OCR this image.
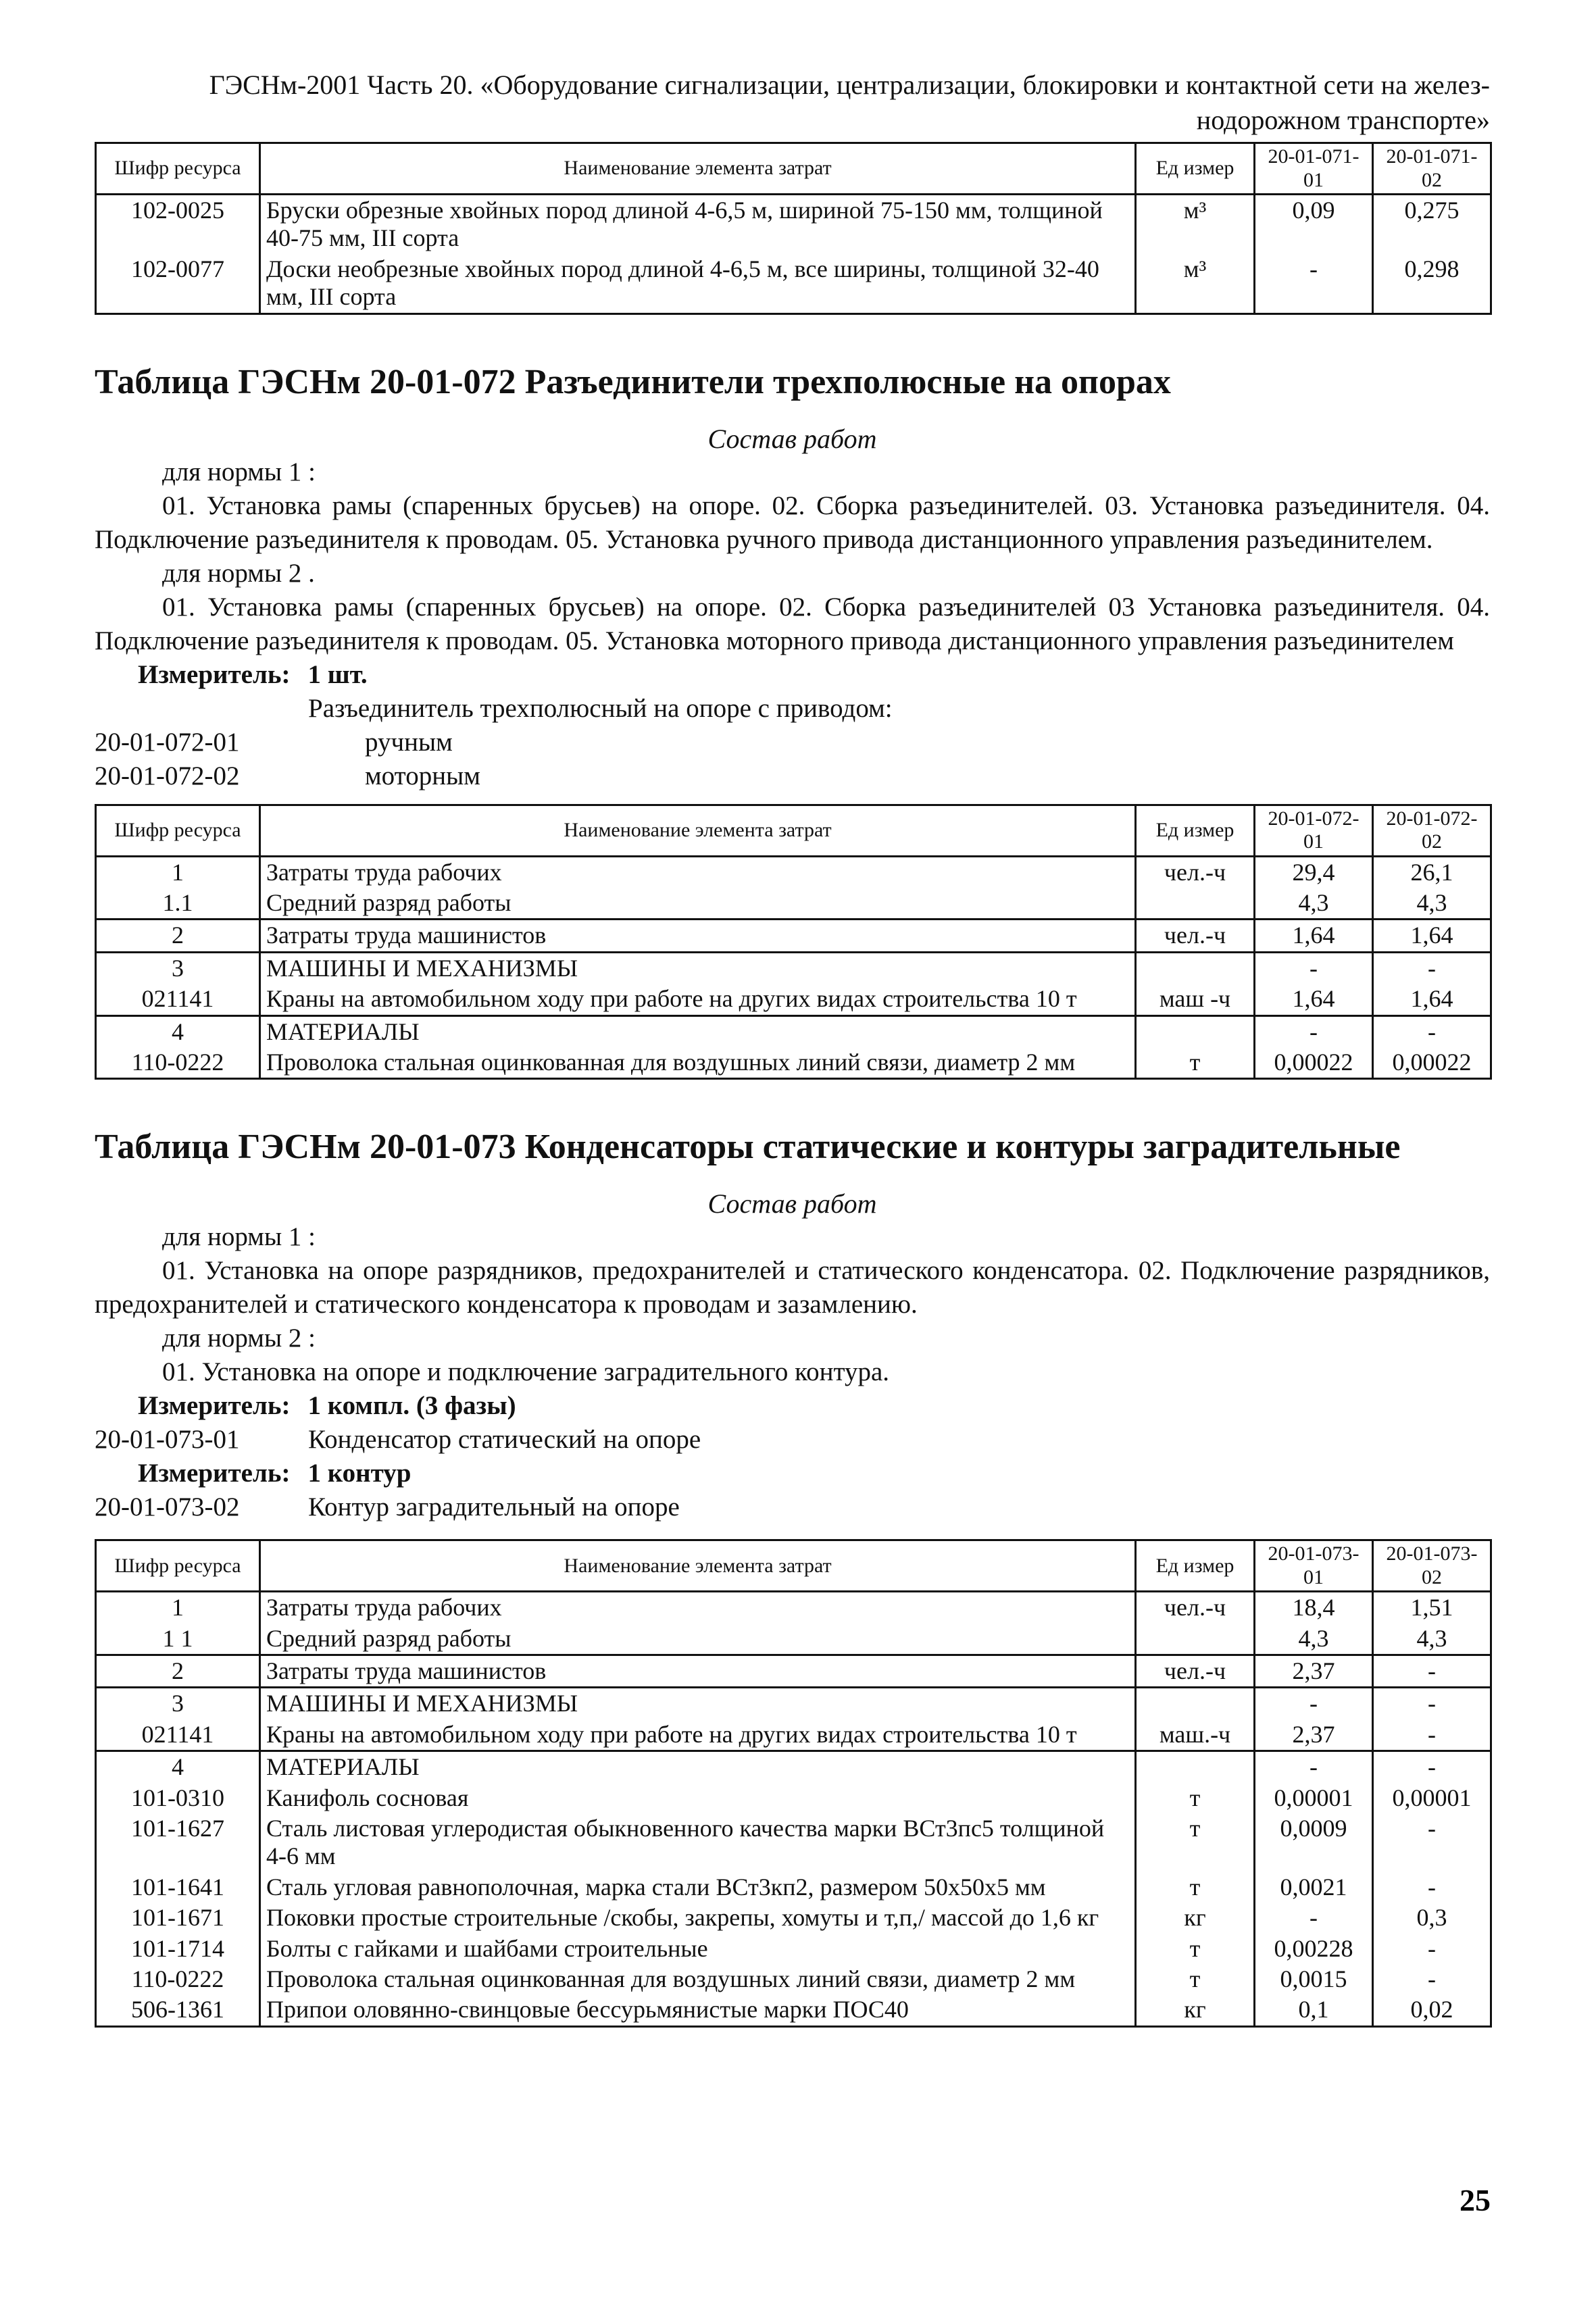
ГЭСНм-2001 Часть 20. «Оборудование сигнализации, централизации, блокировки и контактной сети на желез-
нодорожном транспорте»
Шифр ресурса	Наименование элемента затрат	Ед измер	20-01-071-01	20-01-071-02
102-0025	Бруски обрезные хвойных пород длиной 4-6,5 м, шириной 75-150 мм, толщиной 40-75 мм, III сорта	м³	0,09	0,275
102-0077	Доски необрезные хвойных пород длиной 4-6,5 м, все ширины, толщиной 32-40 мм, III сорта	м³	-	0,298
Таблица ГЭСНм 20-01-072 Разъединители трехполюсные на опорах
Состав работ
для нормы 1 :
01. Установка рамы (спаренных брусьев) на опоре. 02. Сборка разъединителей. 03. Установка разъединителя. 04. Подключение разъединителя к проводам. 05. Установка ручного привода дистанционного управления разъединителем.
для нормы 2 .
01. Установка рамы (спаренных брусьев) на опоре. 02. Сборка разъединителей 03 Установка разъединителя. 04. Подключение разъединителя к проводам. 05. Установка моторного привода дистанционного управления разъединителем
Измеритель: 1 шт.
Разъединитель трехполюсный на опоре с приводом:
20-01-072-01	ручным
20-01-072-02	моторным
Шифр ресурса	Наименование элемента затрат	Ед измер	20-01-072-01	20-01-072-02
1	Затраты труда рабочих	чел.-ч	29,4	26,1
1.1	Средний разряд работы		4,3	4,3
2	Затраты труда машинистов	чел.-ч	1,64	1,64
3	МАШИНЫ И МЕХАНИЗМЫ		-	-
021141	Краны на автомобильном ходу при работе на других видах строительства 10 т	маш -ч	1,64	1,64
4	МАТЕРИАЛЫ		-	-
110-0222	Проволока стальная оцинкованная для воздушных линий связи, диаметр 2 мм	т	0,00022	0,00022
Таблица ГЭСНм 20-01-073 Конденсаторы статические и контуры заградительные
Состав работ
для нормы 1 :
01. Установка на опоре разрядников, предохранителей и статического конденсатора. 02. Подключение разрядников, предохранителей и статического конденсатора к проводам и зазамлению.
для нормы 2 :
01. Установка на опоре и подключение заградительного контура.
Измеритель: 1 компл. (3 фазы)
20-01-073-01	Конденсатор статический на опоре
Измеритель: 1 контур
20-01-073-02	Контур заградительный на опоре
Шифр ресурса	Наименование элемента затрат	Ед измер	20-01-073-01	20-01-073-02
1	Затраты труда рабочих	чел.-ч	18,4	1,51
1 1	Средний разряд работы		4,3	4,3
2	Затраты труда машинистов	чел.-ч	2,37	-
3	МАШИНЫ И МЕХАНИЗМЫ		-	-
021141	Краны на автомобильном ходу при работе на других видах строительства 10 т	маш.-ч	2,37	-
4	МАТЕРИАЛЫ		-	-
101-0310	Канифоль сосновая	т	0,00001	0,00001
101-1627	Сталь листовая углеродистая обыкновенного качества марки ВСт3пс5 толщиной 4-6 мм	т	0,0009	-
101-1641	Сталь угловая равнополочная, марка стали ВСт3кп2, размером 50х50х5 мм	т	0,0021	-
101-1671	Поковки простые строительные /скобы, закрепы, хомуты и т,п,/ массой до 1,6 кг	кг	-	0,3
101-1714	Болты с гайками и шайбами строительные	т	0,00228	-
110-0222	Проволока стальная оцинкованная для воздушных линий связи, диаметр 2 мм	т	0,0015	-
506-1361	Припои оловянно-свинцовые бессурьмянистые марки ПОС40	кг	0,1	0,02
25
